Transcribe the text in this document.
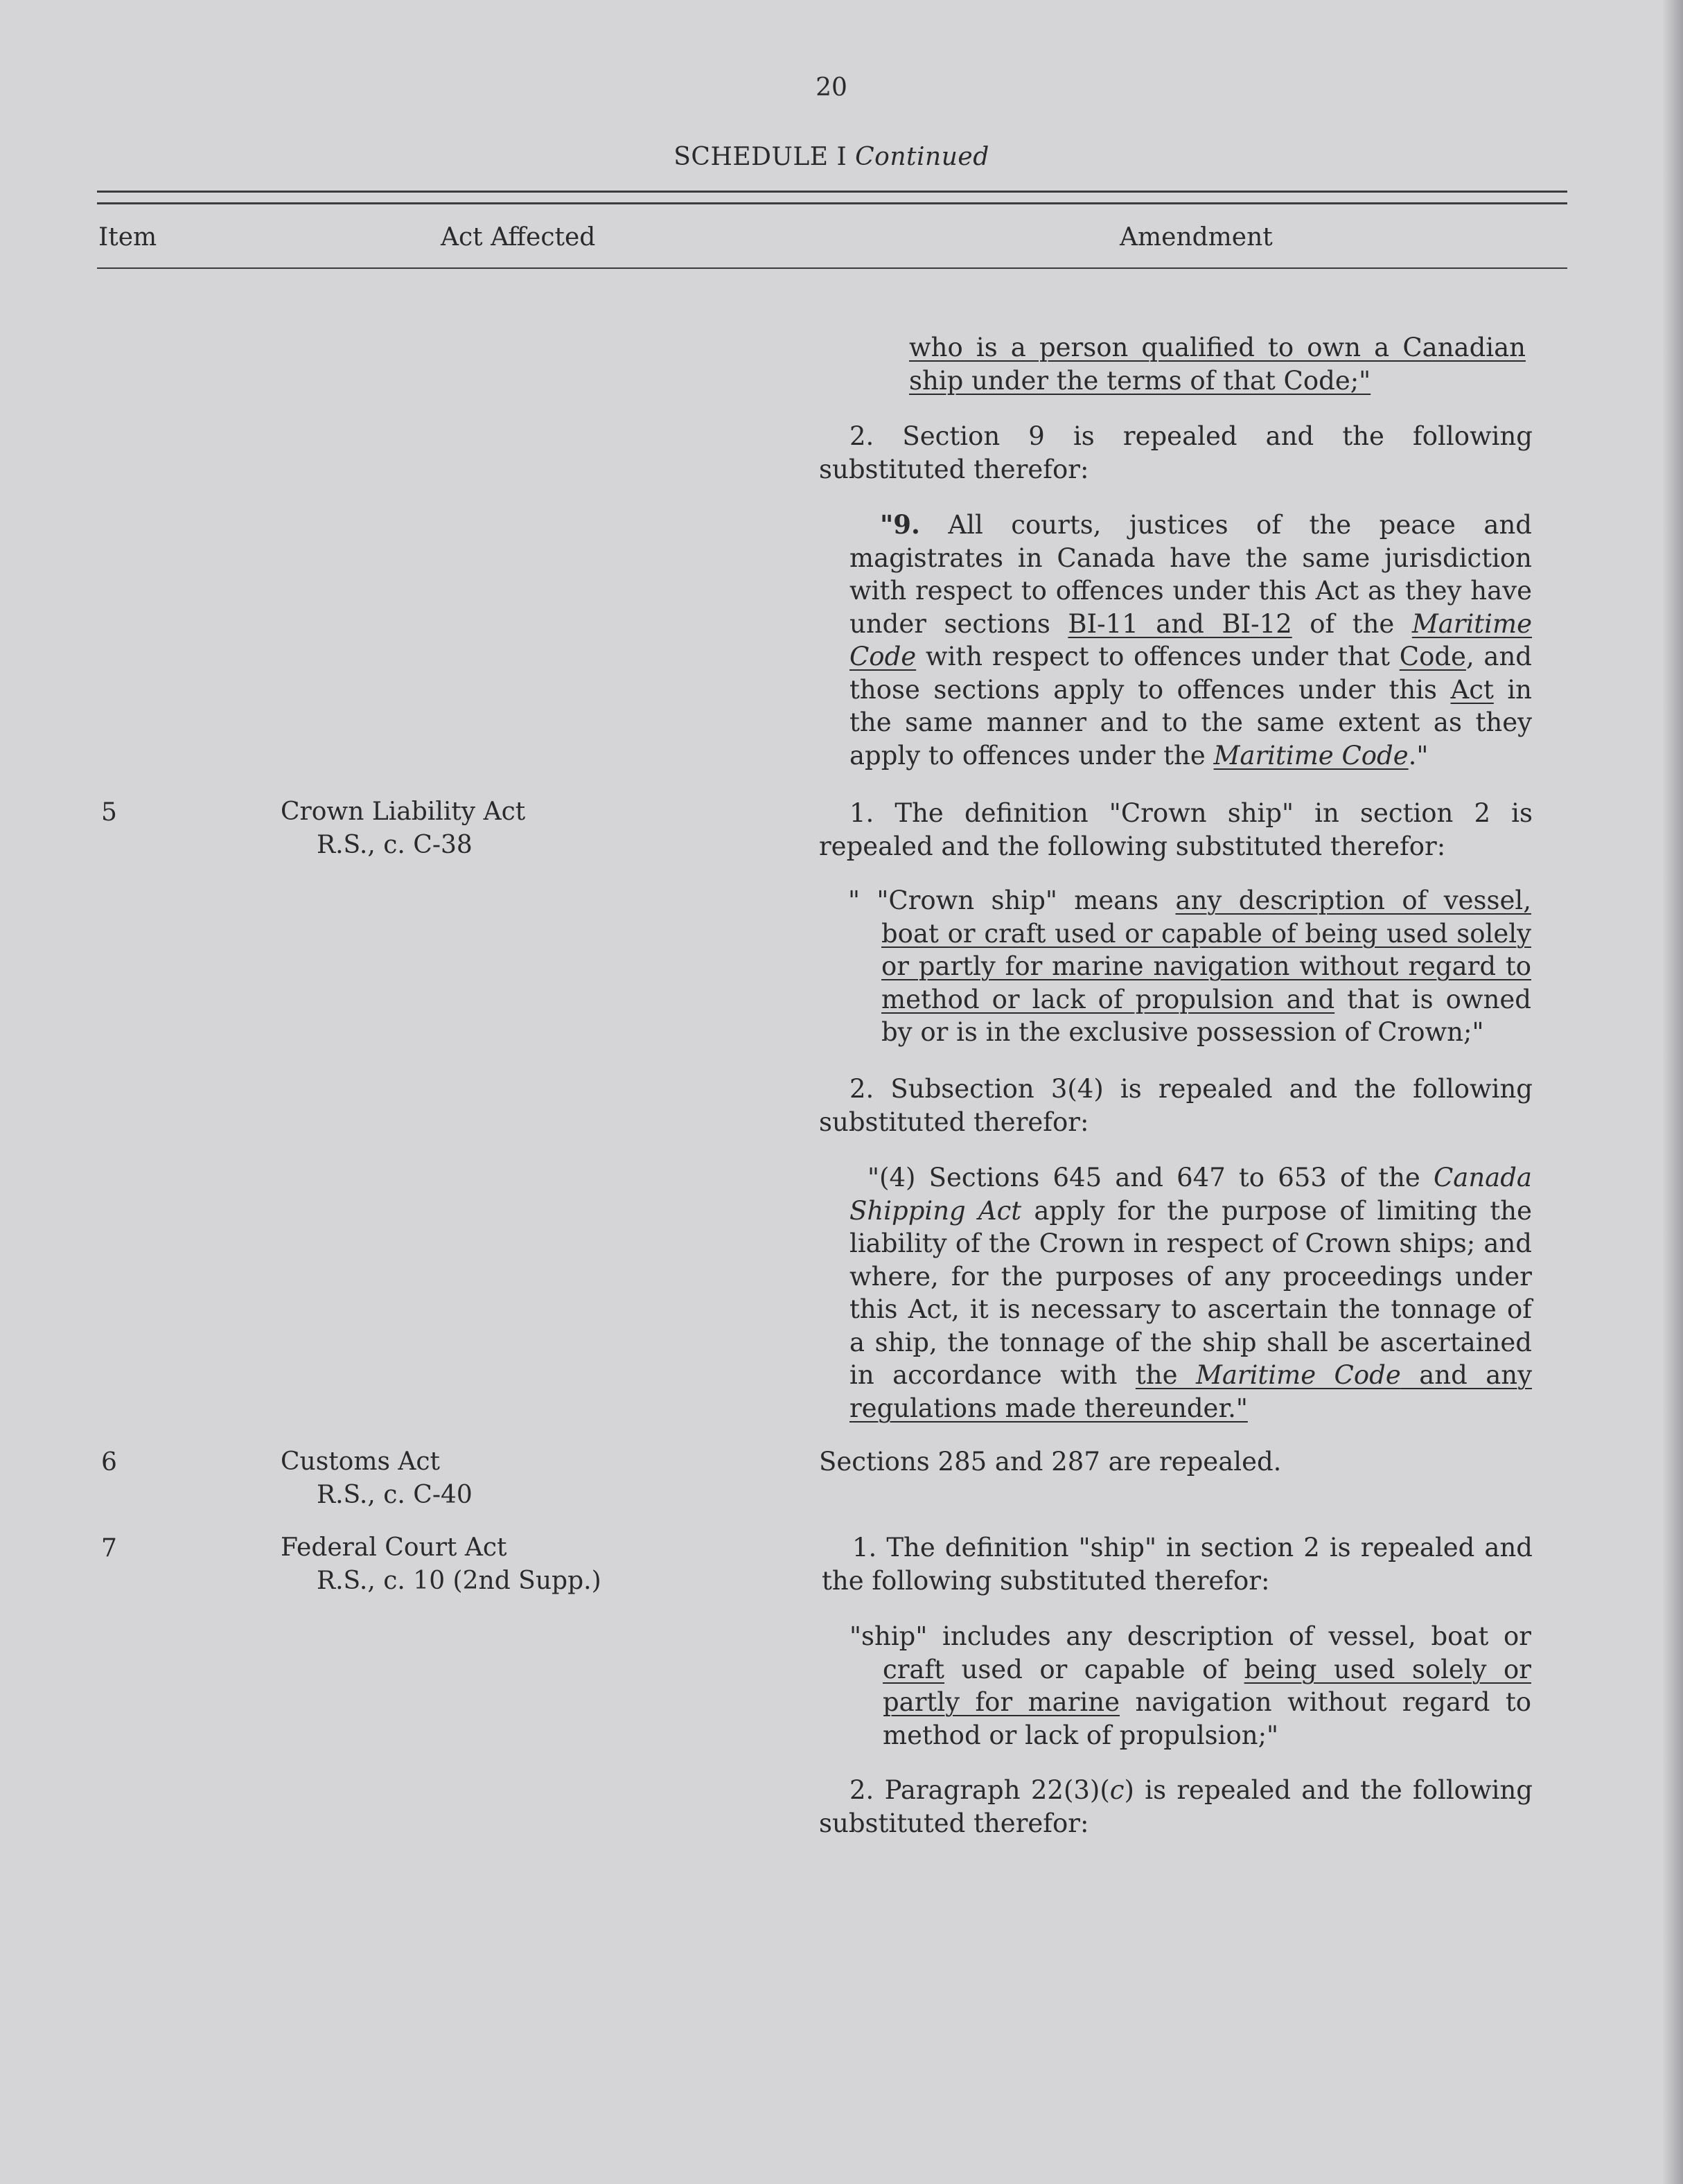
20
SCHEDULE I Continued
Item	Act Affected	Amendment

who is a person qualified to own a Canadian

ship under the terms of that Code;"

2. Section 9 is repealed and the following substituted therefor:

"9. All courts, justices of the peace and magistrates in Canada have the same jurisdiction with respect to offences under this Act as they have under sections BI-11 and BI-12 of the Maritime Code with respect to offences under that Code, and those sections apply to offences under this Act in the same manner and to the same extent as they apply to offences under the Maritime Code."

5	Crown Liability Act
R.S., c. C-38

1. The definition "Crown ship" in section 2 is repealed and the following substituted therefor:

" "Crown ship" means any description of vessel, boat or craft used or capable of being used solely or partly for marine navigation without regard to method or lack of propulsion and that is owned by or is in the exclusive possession of Crown;"

2. Subsection 3(4) is repealed and the following substituted therefor:

"(4) Sections 645 and 647 to 653 of the Canada Shipping Act apply for the purpose of limiting the liability of the Crown in respect of Crown ships; and where, for the purposes of any proceedings under this Act, it is necessary to ascertain the tonnage of a ship, the tonnage of the ship shall be ascertained in accordance with the Maritime Code and any regulations made thereunder."

6	Customs Act
R.S., c. C-40

Sections 285 and 287 are repealed.

7	Federal Court Act
R.S., c. 10 (2nd Supp.)

1. The definition "ship" in section 2 is repealed and the following substituted therefor:

"ship" includes any description of vessel, boat or craft used or capable of being used solely or partly for marine navigation without regard to method or lack of propulsion;"

2. Paragraph 22(3)(c) is repealed and the following substituted therefor:
